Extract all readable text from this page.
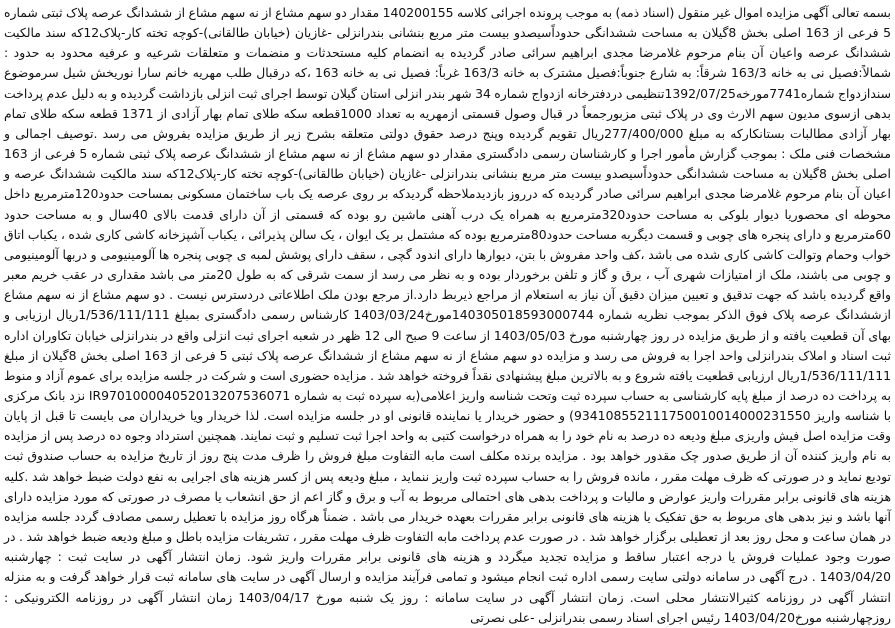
بسمه تعالی آگهی مزایده اموال غیر منقول (اسناد ذمه) به موجب پرونده اجرائی کلاسه 140200155 مقدار دو سهم مشاع از نه سهم مشاع از ششدانگ عرصه پلاک ثبتی شماره 5 فرعی از 163 اصلی بخش 8گیلان به مساحت ششدانگی حدوداًسیصدو بیست متر مربع بنشانی بندرانزلی -غازیان (خیابان طالقانی)-کوچه تخته کار-پلاک12که سند مالکیت ششدانگ عرصه واعیان آن بنام مرحوم غلامرضا مجدی ابراهیم سرائی صادر گردیده به انضمام کلیه مستحدثات و منضمات و متعلقات شرعیه و عرفیه محدود به حدود : شمالاً:فصیل نی به خانه 163/3 شرقاً: به شارع جنوباً:فصیل مشترک به خانه 163/3 غرباً: فصیل نی به خانه 163 ،که درقبال طلب مهریه خانم سارا نوریخش شیل سرموضوع سندازدواج شماره7741مورخه1392/07/25تنظیمی دردفترخانه ازدواج شماره 34 شهر بندر انزلی استان گیلان توسط اجرای ثبت انزلی بازداشت گردیده و به دلیل عدم پرداخت بدهی ازسوی مدیون سهم الارث وی در پلاک ثبتی مزبورجمعاً در قبال وصول قسمتی ازمهریه به تعداد 1000قطعه سکه طلای تمام بهار آزادی از 1371 قطعه سکه طلای تمام بهار آزادی مطالبات بستانکارکه به مبلغ 277/400/000ریال تقویم گردیده وپنج درصد حقوق دولتی متعلقه بشرح زیر از طریق مزایده بفروش می رسد .توصیف اجمالی و مشخصات فنی ملک : بموجب گزارش مأمور اجرا و کارشناسان رسمی دادگستری مقدار دو سهم مشاع از نه سهم مشاع از ششدانگ عرصه پلاک ثبتی شماره 5 فرعی از 163 اصلی بخش 8گیلان به مساحت ششدانگی حدوداًسیصدو بیست متر مربع بنشانی بندرانزلی -غازیان (خیابان طالقانی)-کوچه تخته کار-پلاک12که سند مالکیت ششدانگ عرصه و اعیان آن بنام مرحوم غلامرضا مجدی ابراهیم سرائی صادر گردیده که درروز بازدیدملاحظه گردیدکه بر روی عرصه یک باب ساختمان مسکونی بمساحت حدود120مترمربع داخل محوطه ای محصوریا دیوار بلوکی به مساحت حدود320مترمربع به همراه یک درب آهنی ماشین رو بوده که قسمتی از آن دارای قدمت بالای 40سال و به مساحت حدود 60مترمربع و دارای پنجره های چوبی و قسمت دیگربه مساحت حدود80مترمربع بوده که مشتمل بر یک ایوان ، یک سالن پذیرائی ، یکباب آشپزخانه کاشی کاری شده ، یکباب اتاق خواب وحمام وتوالت کاشی کاری شده می باشد ،کف واحد مفروش با بتن، دیوارها دارای اندود گچی ، سقف دارای پوشش لمبه ی چوبی پنجره ها آلومینیومی و دربها آلومینیومی و چوبی می باشند، ملک از امتیازات شهری آب ، برق و گاز و تلفن برخوردار بوده و به نظر می رسد از سمت شرقی که به طول 20متر می باشد مقداری در عقب خریم معبر واقع گردیده باشد که جهت تدقیق و تعیین میزان دقیق آن نیاز به استعلام از مراجع ذیربط دارد.از مرجع بودن ملک اطلاعاتی دردسترس نیست . دو سهم مشاع از نه سهم مشاع ازششدانگ عرصه پلاک فوق الذکر بموجب نظریه شماره 140305018593000744مورخ1403/03/24 کارشناس رسمی دادگستری بمبلغ 1/536/111/111ریال ارزیابی و بهای آن قطعیت یافته و از طریق مزایده در روز چهارشنبه مورخ 1403/05/03 از ساعت 9 صبح الی 12 ظهر در شعبه اجرای ثبت انزلی واقع در بندرانزلی خیابان تکاوران اداره ثبت اسناد و املاک بندرانزلی واحد اجرا به فروش می رسد و مزایده دو سهم مشاع از نه سهم مشاع از ششدانگ عرصه پلاک ثبتی 5 فرعی از 163 اصلی بخش 8گیلان از مبلغ 1/536/111/111ریال ارزیابی قطعیت یافته شروع و به بالاترین مبلغ پیشنهادی نقداً فروخته خواهد شد . مزایده حضوری است و شرکت در جلسه مزایده برای عموم آزاد و منوط به پرداخت ده درصد از مبلغ پایه کارشناسی به حساب سپرده ثبت وتحت شناسه واریز اعلامی(به سپرده ثبت به شماره IR970100004052013207536071 نزد بانک مرکزی با شناسه واریز 934108552111750010014000231550) و حضور خریدار یا نماینده قانونی او در جلسه مزایده است. لذا خریدار ویا خریداران می بایست تا قبل از پایان وقت مزایده اصل فیش واریزی مبلغ ودیعه ده درصد به نام خود را به همراه درخواست کتبی به واحد اجرا ثبت تسلیم و ثبت نمایند. همچنین استرداد وجوه ده درصد پس از مزایده به نام واریز کننده آن از طریق صدور چک مقدور خواهد بود . مزایده برنده مکلف است مابه التفاوت مبلغ فروش را ظرف مدت پنج روز از تاریخ مزایده به حساب صندوق ثبت تودیع نماید و در صورتی که ظرف مهلت مقرر ، مانده فروش را به حساب سپرده ثبت واریز ننماید ، مبلغ ودیعه پس از کسر هزینه های اجرایی به نفع دولت ضبط خواهد شد .کلیه هزینه های قانونی برابر مقررات واریز عوارض و مالیات و پرداخت بدهی های احتمالی مربوط به آب و برق و گاز اعم از حق انشعاب یا مصرف در صورتی که مورد مزایده دارای آنها باشد و نیز بدهی های مربوط به حق تفکیک یا هزینه های قانونی برابر مقررات بعهده خریدار می باشد . ضمناً هرگاه روز مزایده با تعطیل رسمی مصادف گردد جلسه مزایده در همان ساعت و محل روز بعد از تعطیلی برگزار خواهد شد . در صورت عدم پرداخت مابه التفاوت ظرف مهلت مقرر ، تشریفات مزایده باطل و مبلغ ودیعه ضبط خواهد شد . در صورت وجود عملیات فروش یا درجه اعتبار ساقط و مزایده تجدید میگردد و هزینه های قانونی برابر مقررات واریز شود. زمان انتشار آگهی در سایت ثبت : چهارشنبه 1403/04/20 . درج آگهی در سامانه دولتی سایت رسمی اداره ثبت انجام میشود و تمامی فرآیند مزایده و ارسال آگهی در سایت های سامانه ثبت قرار خواهد گرفت و به منزله انتشار آگهی در روزنامه کثیرالانتشار محلی است. زمان انتشار آگهی در سایت سامانه : روز یک شنبه مورخ 1403/04/17 زمان انتشار آگهی در روزنامه الکترونیکی : روزچهارشنبه مورخ1403/04/20 رئیس اجرای اسناد رسمی بندرانزلی -علی نصرتی
